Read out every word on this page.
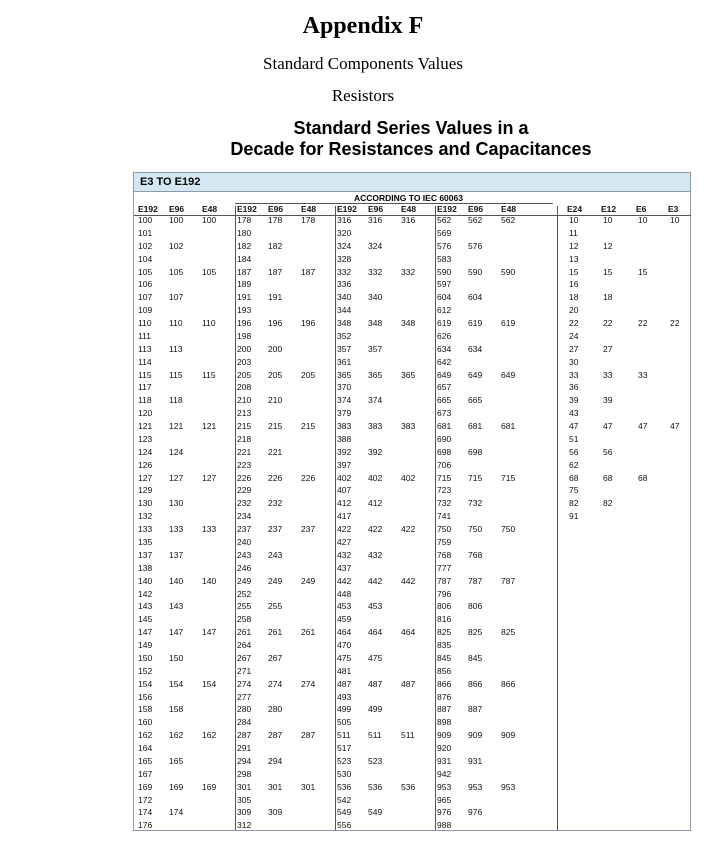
Appendix F
Standard Components Values
Resistors
Standard Series Values in a
Decade for Resistances and Capacitances
E3 TO E192
ACCORDING TO IEC 60063
E192
100
101
102
104
105
106
107
109
110
111
113
114
115
117
118
120
121
123
124
126
127
129
130
132
133
135
137
138
140
142
143
145
147
149
150
152
154
156
158
160
162
164
165
167
169
172
174
176
E96
100
102
105
107
110
113
115
118
121
124
127
130
133
137
140
143
147
150
154
158
162
165
169
174
E48
100
105
110
115
121
127
133
140
147
154
162
169
E192
178
180
182
184
187
189
191
193
196
198
200
203
205
208
210
213
215
218
221
223
226
229
232
234
237
240
243
246
249
252
255
258
261
264
267
271
274
277
280
284
287
291
294
298
301
305
309
312
E96
178
182
187
191
196
200
205
210
215
221
226
232
237
243
249
255
261
267
274
280
287
294
301
309
E48
178
187
196
205
215
226
237
249
261
274
287
301
E192
316
320
324
328
332
336
340
344
348
352
357
361
365
370
374
379
383
388
392
397
402
407
412
417
422
427
432
437
442
448
453
459
464
470
475
481
487
493
499
505
511
517
523
530
536
542
549
556
E96
316
324
332
340
348
357
365
374
383
392
402
412
422
432
442
453
464
475
487
499
511
523
536
549
E48
316
332
348
365
383
402
422
442
464
487
511
536
E192
562
569
576
583
590
597
604
612
619
626
634
642
649
657
665
673
681
690
698
706
715
723
732
741
750
759
768
777
787
796
806
816
825
835
845
856
866
876
887
898
909
920
931
942
953
965
976
988
E96
562
576
590
604
619
634
649
665
681
698
715
732
750
768
787
806
825
845
866
887
909
931
953
976
E48
562
590
619
649
681
715
750
787
825
866
909
953
E24
10
11
12
13
15
16
18
20
22
24
27
30
33
36
39
43
47
51
56
62
68
75
82
91
E12
10
12
15
18
22
27
33
39
47
56
68
82
E6
10
15
22
33
47
68
E3
10
22
47
